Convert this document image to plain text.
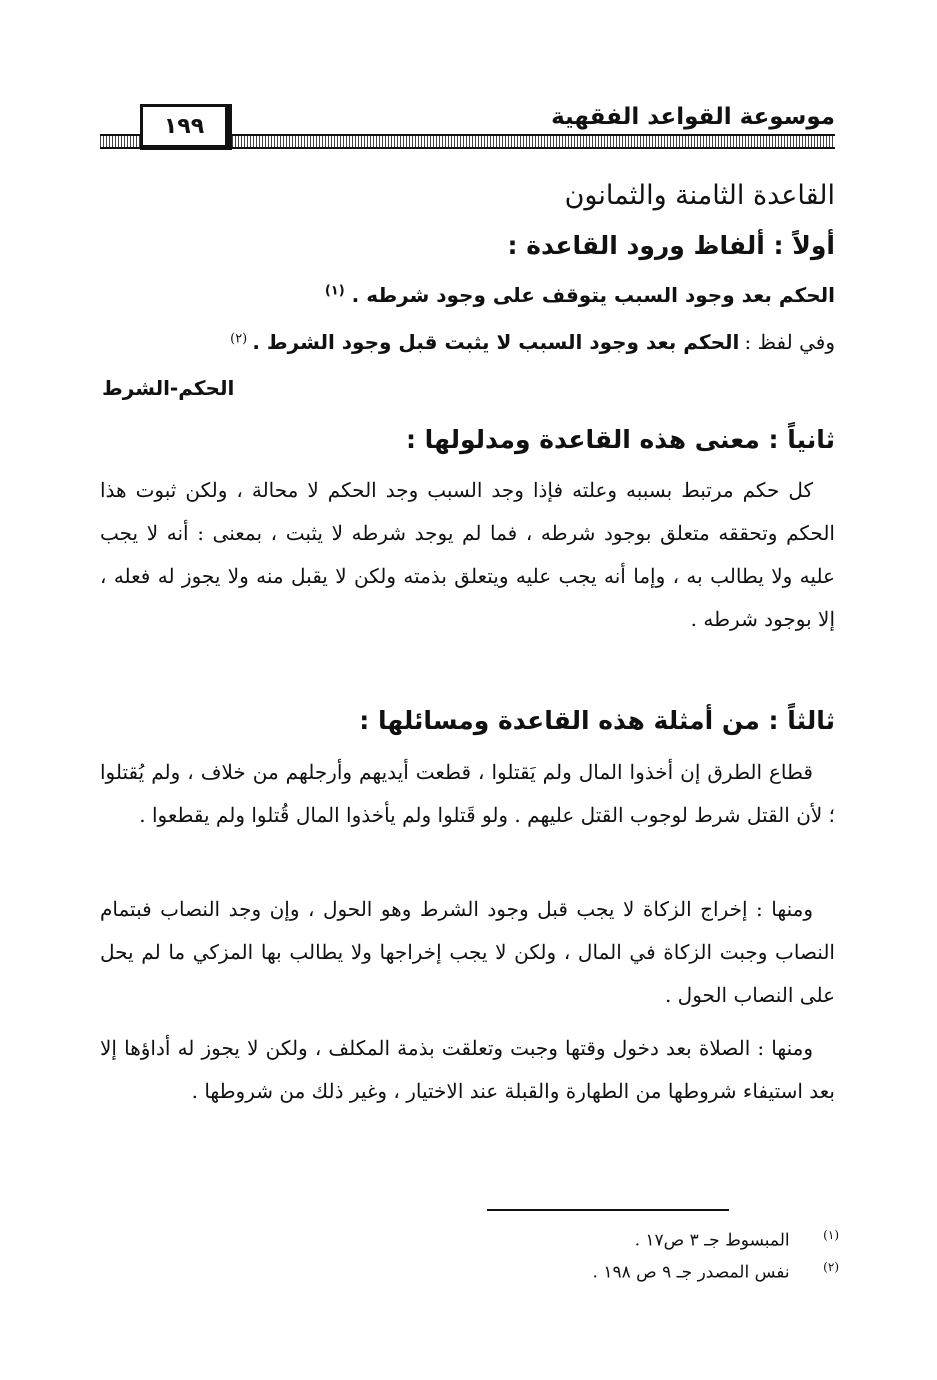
١٩٩	موسوعة القواعد الفقهية
القاعدة الثامنة والثمانون
أولاً : ألفاظ ورود القاعدة :
الحكم بعد وجود السبب يتوقف على وجود شرطه . $^{(١)}$
وفي لفظ : الحكم بعد وجود السبب لا يثبت قبل وجود الشرط . $^{(٢)}$
الحكم-الشرط
ثانياً : معنى هذه القاعدة ومدلولها :
كل حكم مرتبط بسببه وعلته فإذا وجد السبب وجد الحكم لا محالة ، ولكن ثبوت هذا الحكم وتحققه متعلق بوجود شرطه ، فما لم يوجد شرطه لا يثبت ، بمعنى : أنه لا يجب عليه ولا يطالب به ، وإما أنه يجب عليه ويتعلق بذمته ولكن لا يقبل منه ولا يجوز له فعله ، إلا بوجود شرطه .
ثالثاً : من أمثلة هذه القاعدة ومسائلها :
قطاع الطرق إن أخذوا المال ولم يَقتلوا ، قطعت أيديهم وأرجلهم من خلاف ، ولم يُقتلوا ؛ لأن القتل شرط لوجوب القتل عليهم . ولو قَتلوا ولم يأخذوا المال قُتلوا ولم يقطعوا .
ومنها : إخراج الزكاة لا يجب قبل وجود الشرط وهو الحول ، وإن وجد النصاب فبتمام النصاب وجبت الزكاة في المال ، ولكن لا يجب إخراجها ولا يطالب بها المزكي ما لم يحل على النصاب الحول .
ومنها : الصلاة بعد دخول وقتها وجبت وتعلقت بذمة المكلف ، ولكن لا يجوز له أداؤها إلا بعد استيفاء شروطها من الطهارة والقبلة عند الاختيار ، وغير ذلك من شروطها .
(١) المبسوط جـ ٣ ص١٧ .
(٢) نفس المصدر جـ ٩ ص ١٩٨ .
